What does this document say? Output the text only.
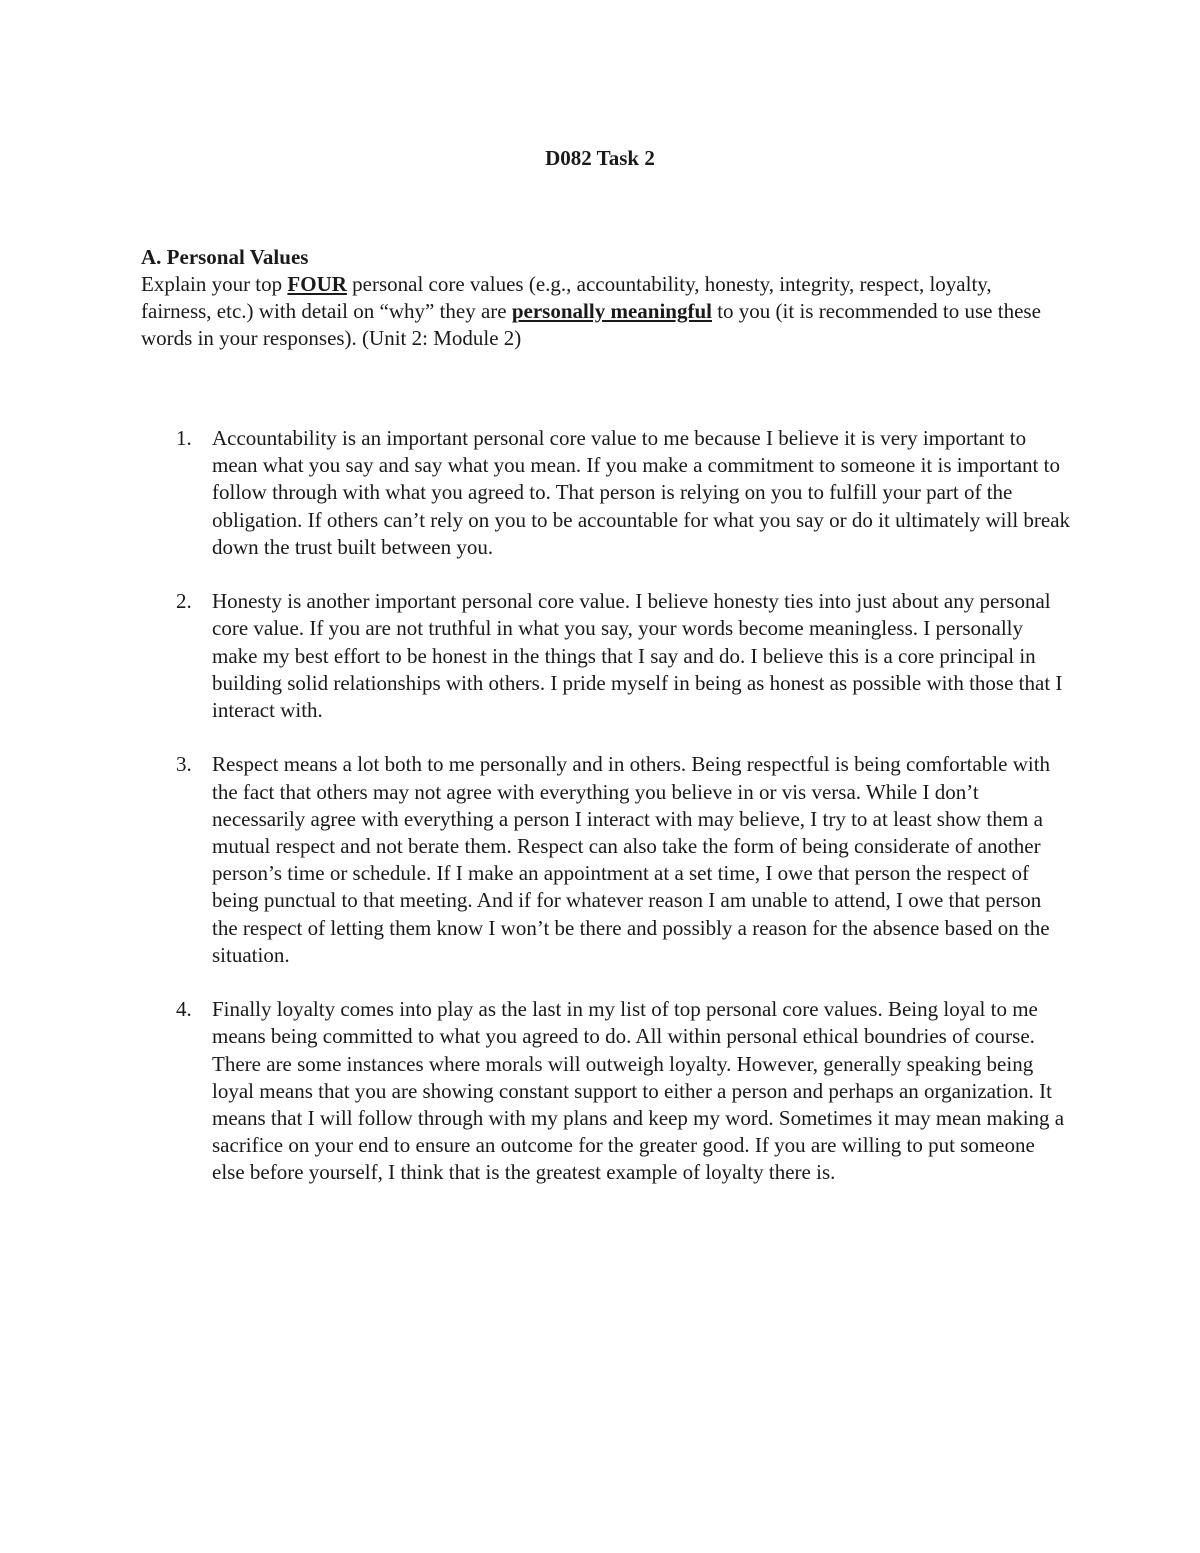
D082 Task 2
A. Personal Values
Explain your top FOUR personal core values (e.g., accountability, honesty, integrity, respect, loyalty, fairness, etc.) with detail on “why” they are personally meaningful to you (it is recommended to use these words in your responses). (Unit 2: Module 2)
1. Accountability is an important personal core value to me because I believe it is very important to mean what you say and say what you mean. If you make a commitment to someone it is important to follow through with what you agreed to. That person is relying on you to fulfill your part of the obligation. If others can’t rely on you to be accountable for what you say or do it ultimately will break down the trust built between you.
2. Honesty is another important personal core value. I believe honesty ties into just about any personal core value. If you are not truthful in what you say, your words become meaningless. I personally make my best effort to be honest in the things that I say and do. I believe this is a core principal in building solid relationships with others. I pride myself in being as honest as possible with those that I interact with.
3. Respect means a lot both to me personally and in others. Being respectful is being comfortable with the fact that others may not agree with everything you believe in or vis versa. While I don’t necessarily agree with everything a person I interact with may believe, I try to at least show them a mutual respect and not berate them. Respect can also take the form of being considerate of another person’s time or schedule. If I make an appointment at a set time, I owe that person the respect of being punctual to that meeting. And if for whatever reason I am unable to attend, I owe that person the respect of letting them know I won’t be there and possibly a reason for the absence based on the situation.
4. Finally loyalty comes into play as the last in my list of top personal core values. Being loyal to me means being committed to what you agreed to do. All within personal ethical boundries of course. There are some instances where morals will outweigh loyalty. However, generally speaking being loyal means that you are showing constant support to either a person and perhaps an organization. It means that I will follow through with my plans and keep my word. Sometimes it may mean making a sacrifice on your end to ensure an outcome for the greater good. If you are willing to put someone else before yourself, I think that is the greatest example of loyalty there is.
